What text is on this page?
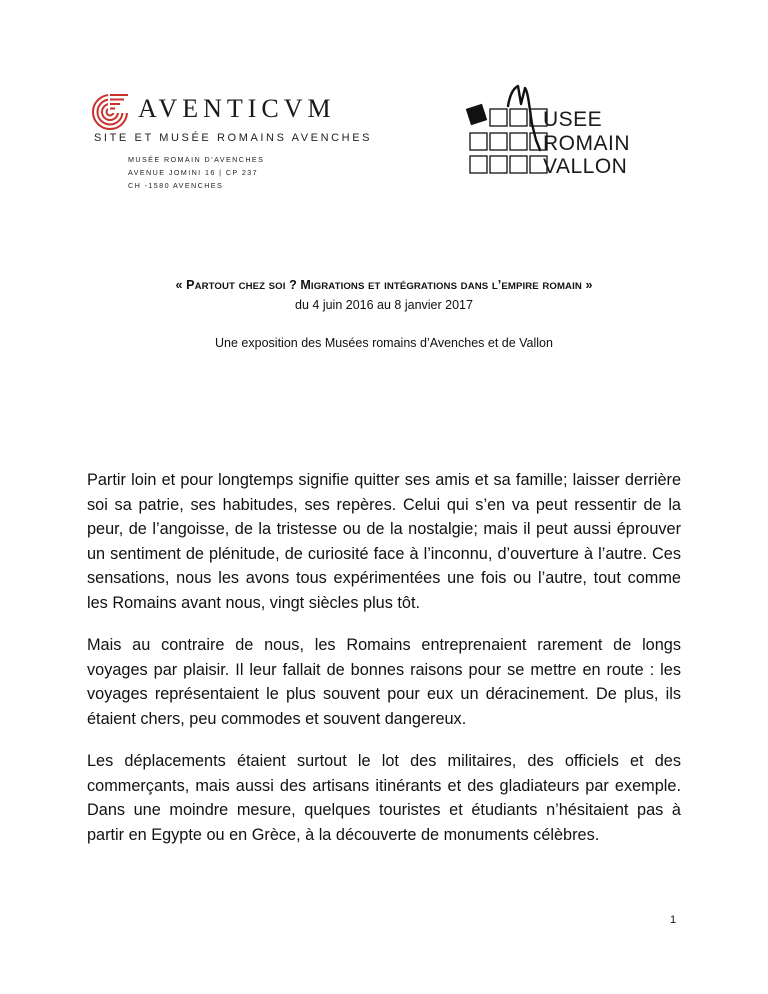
AVENTICVM
SITE ET MUSÉE ROMAINS AVENCHES
MUSÉE ROMAIN D’AVENCHES
AVENUE JOMINI 16 | CP 237
CH -1580 AVENCHES
USEE
ROMAIN
VALLON
« PARTOUT CHEZ SOI ? MIGRATIONS ET INTÉGRATIONS DANS L’EMPIRE ROMAIN »
du 4 juin 2016 au 8 janvier 2017
Une exposition des Musées romains d’Avenches et de Vallon

Partir loin et pour longtemps signifie quitter ses amis et sa famille; laisser derrière soi sa patrie, ses habitudes, ses repères. Celui qui s’en va peut ressentir de la peur, de l’angoisse, de la tristesse ou de la nostalgie; mais il peut aussi éprouver un sentiment de plénitude, de curiosité face à l’inconnu, d’ouverture à l’autre. Ces sensations, nous les avons tous expérimentées une fois ou l’autre, tout comme les Romains avant nous, vingt siècles plus tôt.

Mais au contraire de nous, les Romains entreprenaient rarement de longs voyages par plaisir. Il leur fallait de bonnes raisons pour se mettre en route : les voyages représentaient le plus souvent pour eux un déracinement. De plus, ils étaient chers, peu commodes et souvent dangereux.

Les déplacements étaient surtout le lot des militaires, des officiels et des commerçants, mais aussi des artisans itinérants et des gladiateurs par exemple. Dans une moindre mesure, quelques touristes et étudiants n’hésitaient pas à partir en Egypte ou en Grèce, à la découverte de monuments célèbres.

1
